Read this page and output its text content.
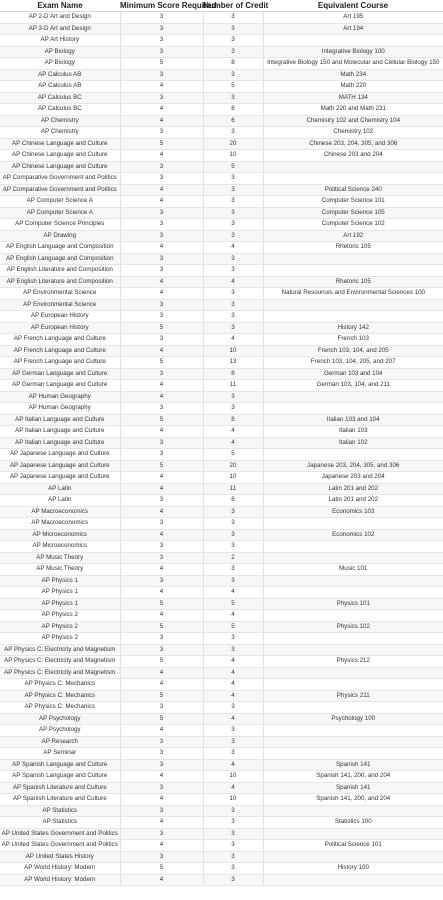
Exam Name	Minimum Score Required	Number of Credit	Equivalent Course
AP 2-D Art and Design	3	3	Art 195
AP 3-D Art and Design	3	3	Art 194
AP Art History	3	3	
AP Biology	3	3	Integrative Biology 100
AP Biology	5	8	Integrative Biology 150 and Molecular and Cellular Biology 150
AP Calculus AB	3	3	Math 234
AP Calculus AB	4	5	Math 220
AP Calculus BC	3	3	MATH 134
AP Calculus BC	4	8	Math 220 and Math 231
AP Chemistry	4	6	Chemistry 102 and Chemistry 104
AP Chemistry	3	3	Chemistry 102
AP Chinese Language and Culture	5	20	Chinese 203, 204, 305, and 306
AP Chinese Language and Culture	4	10	Chinese 203 and 204
AP Chinese Language and Culture	3	5	
AP Comparative Government and Politics	3	3	
AP Comparative Government and Politics	4	3	Political Science 240
AP Computer Science A	4	3	Computer Science 101
AP Computer Science A	3	3	Computer Science 105
AP Computer Science Principles	3	3	Computer Science 102
AP Drawing	3	3	Art 192
AP English Language and Composition	4	4	Rhetoric 105
AP English Language and Composition	3	3	
AP English Literature and Composition	3	3	
AP English Literature and Composition	4	4	Rhetoric 105
AP Environmental Science	4	3	Natural Resources and Environmental Sciences 100
AP Environmental Science	3	3	
AP European History	3	3	
AP European History	5	3	History 142
AP French Language and Culture	3	4	French 103
AP French Language and Culture	4	10	French 103, 104, and 205
AP French Language and Culture	5	13	French 103, 104, 205, and 207
AP German Language and Culture	3	8	German 103 and 104
AP German Language and Culture	4	11	German 103, 104, and 211
AP Human Geography	4	3	
AP Human Geography	3	3	
AP Italian Language and Culture	5	8	Italian 103 and 104
AP Italian Language and Culture	4	4	Italian 103
AP Italian Language and Culture	3	4	Italian 102
AP Japanese Language and Culture	3	5	
AP Japanese Language and Culture	5	20	Japanese 203, 204, 305, and 306
AP Japanese Language and Culture	4	10	Japanese 203 and 204
AP Latin	4	11	Latin 201 and 202
AP Latin	3	8	Latin 201 and 202
AP Macroeconomics	4	3	Economics 103
AP Macroeconomics	3	3	
AP Microeconomics	4	3	Economics 102
AP Microeconomics	3	3	
AP Music Theory	3	2	
AP Music Theory	4	3	Music 101
AP Physics 1	3	3	
AP Physics 1	4	4	
AP Physics 1	5	5	Physics 101
AP Physics 2	4	4	
AP Physics 2	5	5	Physics 102
AP Physics 2	3	3	
AP Physics C: Electricity and Magnetism	3	3	
AP Physics C: Electricity and Magnetism	5	4	Physics 212
AP Physics C: Electricity and Magnetism	4	4	
AP Physics C: Mechanics	4	4	
AP Physics C: Mechanics	5	4	Physics 211
AP Physics C: Mechanics	3	3	
AP Psychology	5	4	Psychology 100
AP Psychology	4	3	
AP Research	3	3	
AP Seminar	3	3	
AP Spanish Language and Culture	3	4	Spanish 141
AP Spanish Language and Culture	4	10	Spanish 141, 200, and 204
AP Spanish Literature and Culture	3	4	Spanish 141
AP Spanish Literature and Culture	4	10	Spanish 141, 200, and 204
AP Statistics	3	3	
AP Statistics	4	3	Statistics 100
AP United States Government and Politics	3	3	
AP United States Government and Politics	4	3	Political Science 101
AP United States History	3	3	
AP World History: Modern	5	3	History 100
AP World History: Modern	4	3	
